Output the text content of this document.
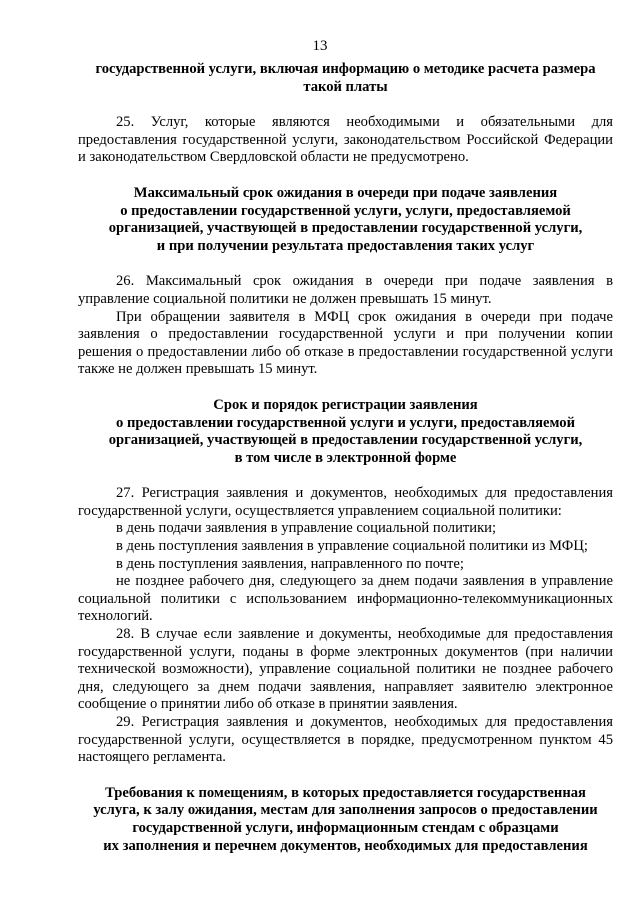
13
государственной услуги, включая информацию о методике расчета размера
такой платы
25. Услуг, которые являются необходимыми и обязательными для предоставления государственной услуги, законодательством Российской Федерации и законодательством Свердловской области не предусмотрено.
Максимальный срок ожидания в очереди при подаче заявления
о предоставлении государственной услуги, услуги, предоставляемой
организацией, участвующей в предоставлении государственной услуги,
и при получении результата предоставления таких услуг
26. Максимальный срок ожидания в очереди при подаче заявления в управление социальной политики не должен превышать 15 минут.
При обращении заявителя в МФЦ срок ожидания в очереди при подаче заявления о предоставлении государственной услуги и при получении копии решения о предоставлении либо об отказе в предоставлении государственной услуги также не должен превышать 15 минут.
Срок и порядок регистрации заявления
о предоставлении государственной услуги и услуги, предоставляемой
организацией, участвующей в предоставлении государственной услуги,
в том числе в электронной форме
27. Регистрация заявления и документов, необходимых для предоставления государственной услуги, осуществляется управлением социальной политики:
в день подачи заявления в управление социальной политики;
в день поступления заявления в управление социальной политики из МФЦ;
в день поступления заявления, направленного по почте;
не позднее рабочего дня, следующего за днем подачи заявления в управление социальной политики с использованием информационно-телекоммуникационных технологий.
28. В случае если заявление и документы, необходимые для предоставления государственной услуги, поданы в форме электронных документов (при наличии технической возможности), управление социальной политики не позднее рабочего дня, следующего за днем подачи заявления, направляет заявителю электронное сообщение о принятии либо об отказе в принятии заявления.
29. Регистрация заявления и документов, необходимых для предоставления государственной услуги, осуществляется в порядке, предусмотренном пунктом 45 настоящего регламента.
Требования к помещениям, в которых предоставляется государственная
услуга, к залу ожидания, местам для заполнения запросов о предоставлении
государственной услуги, информационным стендам с образцами
их заполнения и перечнем документов, необходимых для предоставления
